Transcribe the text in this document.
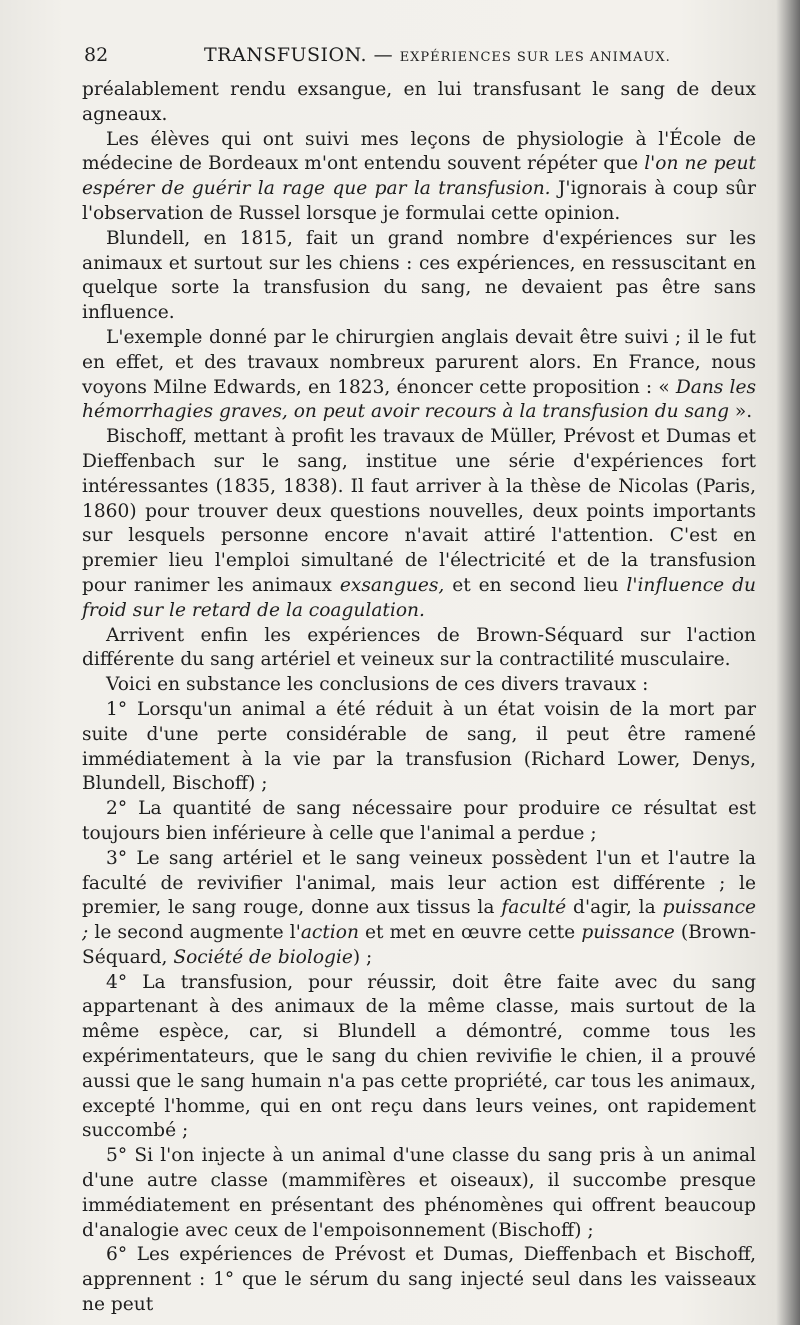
82	TRANSFUSION. — EXPÉRIENCES SUR LES ANIMAUX.

préalablement rendu exsangue, en lui transfusant le sang de deux agneaux.

Les élèves qui ont suivi mes leçons de physiologie à l'École de médecine de Bordeaux m'ont entendu souvent répéter que l'on ne peut espérer de guérir la rage que par la transfusion. J'ignorais à coup sûr l'observation de Russel lorsque je formulai cette opinion.

Blundell, en 1815, fait un grand nombre d'expériences sur les animaux et surtout sur les chiens : ces expériences, en ressuscitant en quelque sorte la transfusion du sang, ne devaient pas être sans influence.

L'exemple donné par le chirurgien anglais devait être suivi ; il le fut en effet, et des travaux nombreux parurent alors. En France, nous voyons Milne Edwards, en 1823, énoncer cette proposition : « Dans les hémorrhagies graves, on peut avoir recours à la transfusion du sang ».

Bischoff, mettant à profit les travaux de Müller, Prévost et Dumas et Dieffenbach sur le sang, institue une série d'expériences fort intéressantes (1835, 1838). Il faut arriver à la thèse de Nicolas (Paris, 1860) pour trouver deux questions nouvelles, deux points importants sur lesquels personne encore n'avait attiré l'attention. C'est en premier lieu l'emploi simultané de l'électricité et de la transfusion pour ranimer les animaux exsangues, et en second lieu l'influence du froid sur le retard de la coagulation.

Arrivent enfin les expériences de Brown-Séquard sur l'action différente du sang artériel et veineux sur la contractilité musculaire.

Voici en substance les conclusions de ces divers travaux :

1° Lorsqu'un animal a été réduit à un état voisin de la mort par suite d'une perte considérable de sang, il peut être ramené immédiatement à la vie par la transfusion (Richard Lower, Denys, Blundell, Bischoff) ;

2° La quantité de sang nécessaire pour produire ce résultat est toujours bien inférieure à celle que l'animal a perdue ;

3° Le sang artériel et le sang veineux possèdent l'un et l'autre la faculté de revivifier l'animal, mais leur action est différente ; le premier, le sang rouge, donne aux tissus la faculté d'agir, la puissance ; le second augmente l'action et met en œuvre cette puissance (Brown-Séquard, Société de biologie) ;

4° La transfusion, pour réussir, doit être faite avec du sang appartenant à des animaux de la même classe, mais surtout de la même espèce, car, si Blundell a démontré, comme tous les expérimentateurs, que le sang du chien revivifie le chien, il a prouvé aussi que le sang humain n'a pas cette propriété, car tous les animaux, excepté l'homme, qui en ont reçu dans leurs veines, ont rapidement succombé ;

5° Si l'on injecte à un animal d'une classe du sang pris à un animal d'une autre classe (mammifères et oiseaux), il succombe presque immédiatement en présentant des phénomènes qui offrent beaucoup d'analogie avec ceux de l'empoisonnement (Bischoff) ;

6° Les expériences de Prévost et Dumas, Dieffenbach et Bischoff, apprennent : 1° que le sérum du sang injecté seul dans les vaisseaux ne peut
